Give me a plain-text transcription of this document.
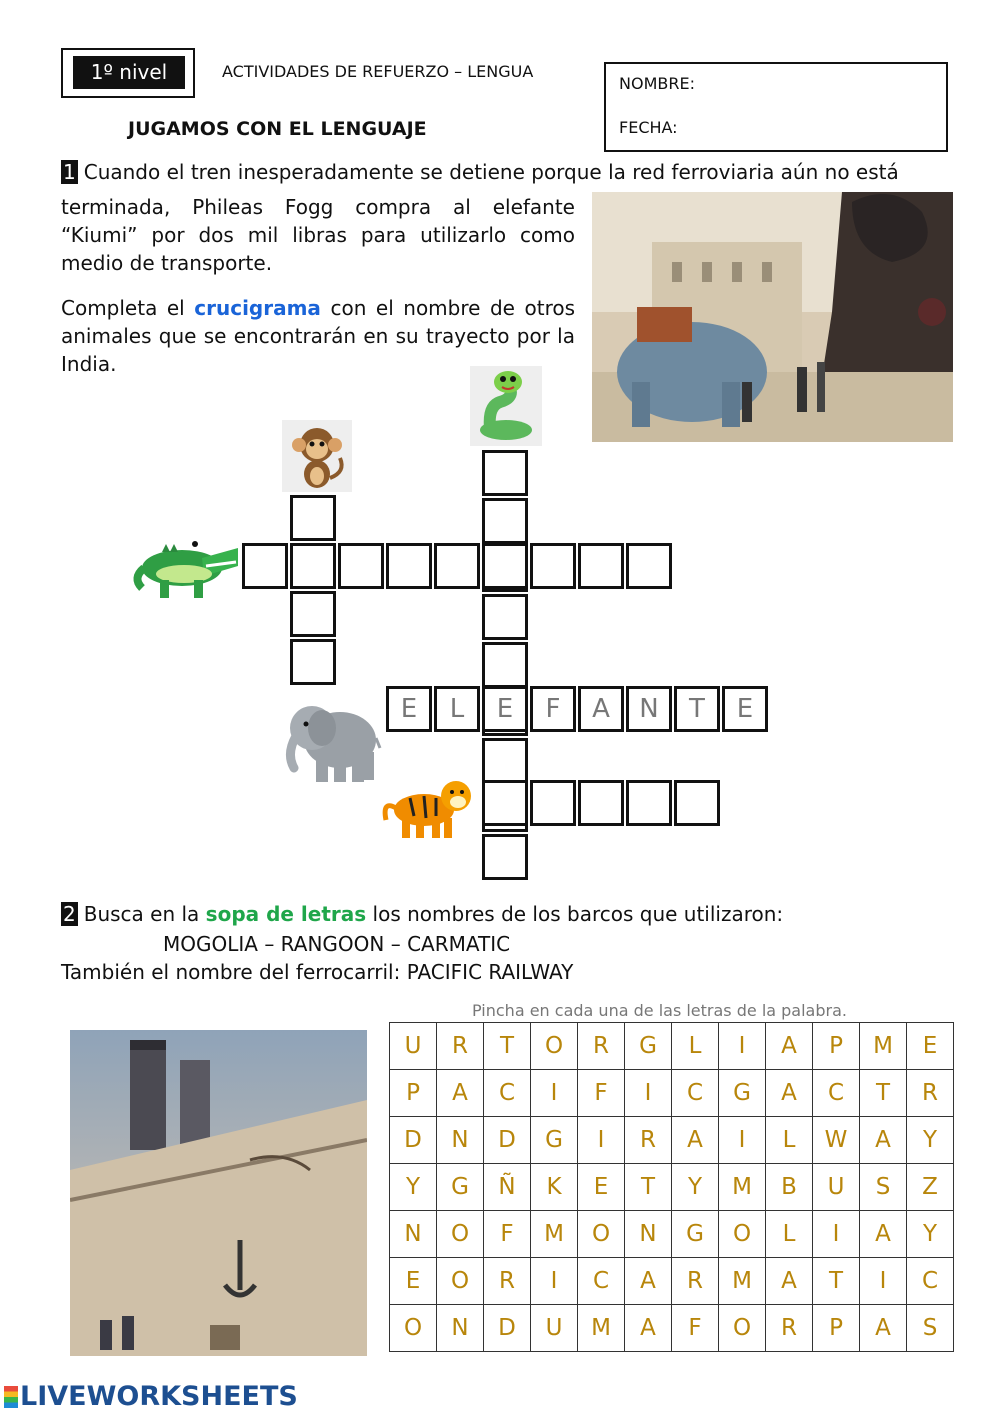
1º nivel	ACTIVIDADES DE REFUERZO – LENGUA
NOMBRE:
FECHA:
JUGAMOS CON EL LENGUAJE
1 Cuando el tren inesperadamente se detiene porque la red ferroviaria aún no está
terminada, Phileas Fogg compra al elefante “Kiumi” por dos mil libras para utilizarlo como medio de transporte.
Completa el crucigrama con el nombre de otros animales que se encontrarán en su trayecto por la India.
E	L	E	F	A	N	T	E
2 Busca en la sopa de letras los nombres de los barcos que utilizaron:
MOGOLIA – RANGOON – CARMATIC
También el nombre del ferrocarril: PACIFIC RAILWAY
Pincha en cada una de las letras de la palabra.
U	R	T	O	R	G	L	I	A	P	M	E
P	A	C	I	F	I	C	G	A	C	T	R
D	N	D	G	I	R	A	I	L	W	A	Y
Y	G	Ñ	K	E	T	Y	M	B	U	S	Z
N	O	F	M	O	N	G	O	L	I	A	Y
E	O	R	I	C	A	R	M	A	T	I	C
O	N	D	U	M	A	F	O	R	P	A	S
LIVEWORKSHEETS
